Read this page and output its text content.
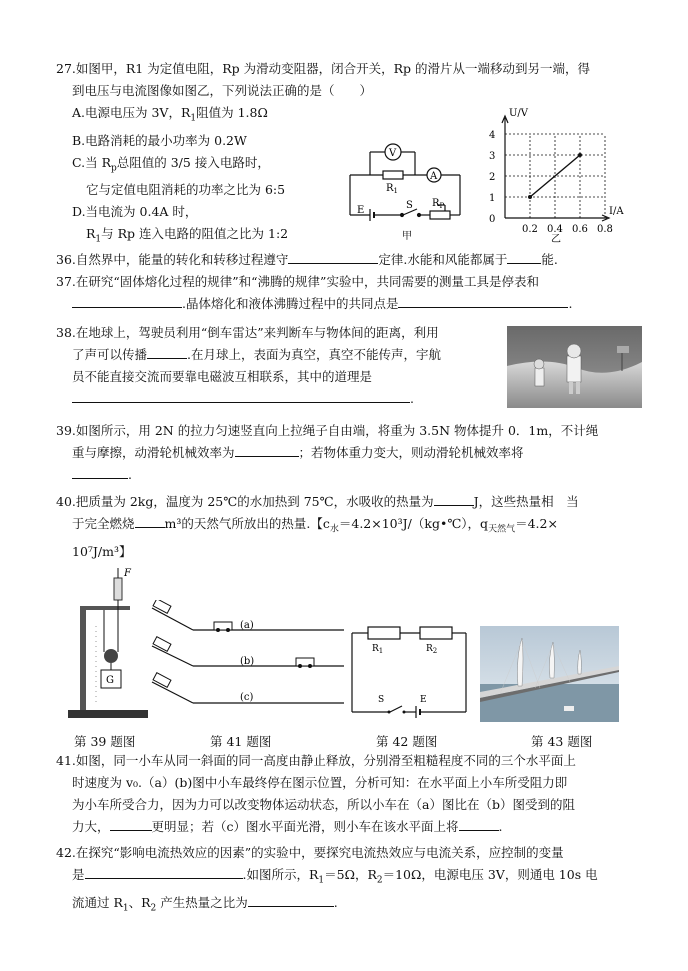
27.如图甲，R1 为定值电阻，Rp 为滑动变阻器，闭合开关，Rp 的滑片从一端移动到另一端，得
到电压与电流图像如图乙，下列说法正确的是（　　）
A.电源电压为 3V，$R_1$阻值为 1.8Ω
B.电路消耗的最小功率为 0.2W
C.当 $R_p$总阻值的 3/5 接入电路时，
它与定值电阻消耗的功率之比为 6:5
D.当电流为 0.4A 时，
$R_1$与 Rp 连入电路的阻值之比为 1:2
V
A
$R_1$
E	S $R_P$
甲
0.2 0.4 0.6 0.8
1
2
3
4
U/V
I/A
0
乙
36.自然界中，能量的转化和转移过程遵守	定律.水能和风能都属于	能.
37.在研究“固体熔化过程的规律”和“沸腾的规律”实验中，共同需要的测量工具是停表和
.晶体熔化和液体沸腾过程中的共同点是	.
38.在地球上，驾驶员利用“倒车雷达”来判断车与物体间的距离，利用
了声可以传播	.在月球上，表面为真空，真空不能传声，宇航
员不能直接交流而要靠电磁波互相联系，其中的道理是
.
39.如图所示，用 2N 的拉力匀速竖直向上拉绳子自由端，将重为 3.5N 物体提升 0．1m，不计绳
重与摩擦，动滑轮机械效率为	；若物体重力变大，则动滑轮机械效率将
.
40.把质量为 2kg，温度为 25℃的水加热到 75℃，水吸收的热量为	J，这些热量相　当
于完全燃烧 m³的天然气所放出的热量.【$c_水=4.2\times 10^3J/(kg•℃)$，$q_{天然气}=4.2\times$
10⁷J/m³】
F
G
第 39 题图
(a)
(b)
(c)
第 41 题图
$R_1$	$R_2$
S	E
第 42 题图	第 43 题图
41.如图，同一小车从同一斜面的同一高度由静止释放，分别滑至粗糙程度不同的三个水平面上
时速度为 v₀.（a）(b)图中小车最终停在图示位置，分析可知：在水平面上小车所受阻力即
为小车所受合力，因为力可以改变物体运动状态，所以小车在（a）图比在（b）图受到的阻
力大，	更明显；若（c）图水平面光滑，则小车在该水平面上将	.
42.在探究“影响电流热效应的因素”的实验中，要探究电流热效应与电流关系，应控制的变量
是	.如图所示，$R_1=5\Omega$，$R_2=10\Omega$，电源电压 3V，则通电 10s 电
流通过 $R_1$、$R_2$ 产生热量之比为	.
